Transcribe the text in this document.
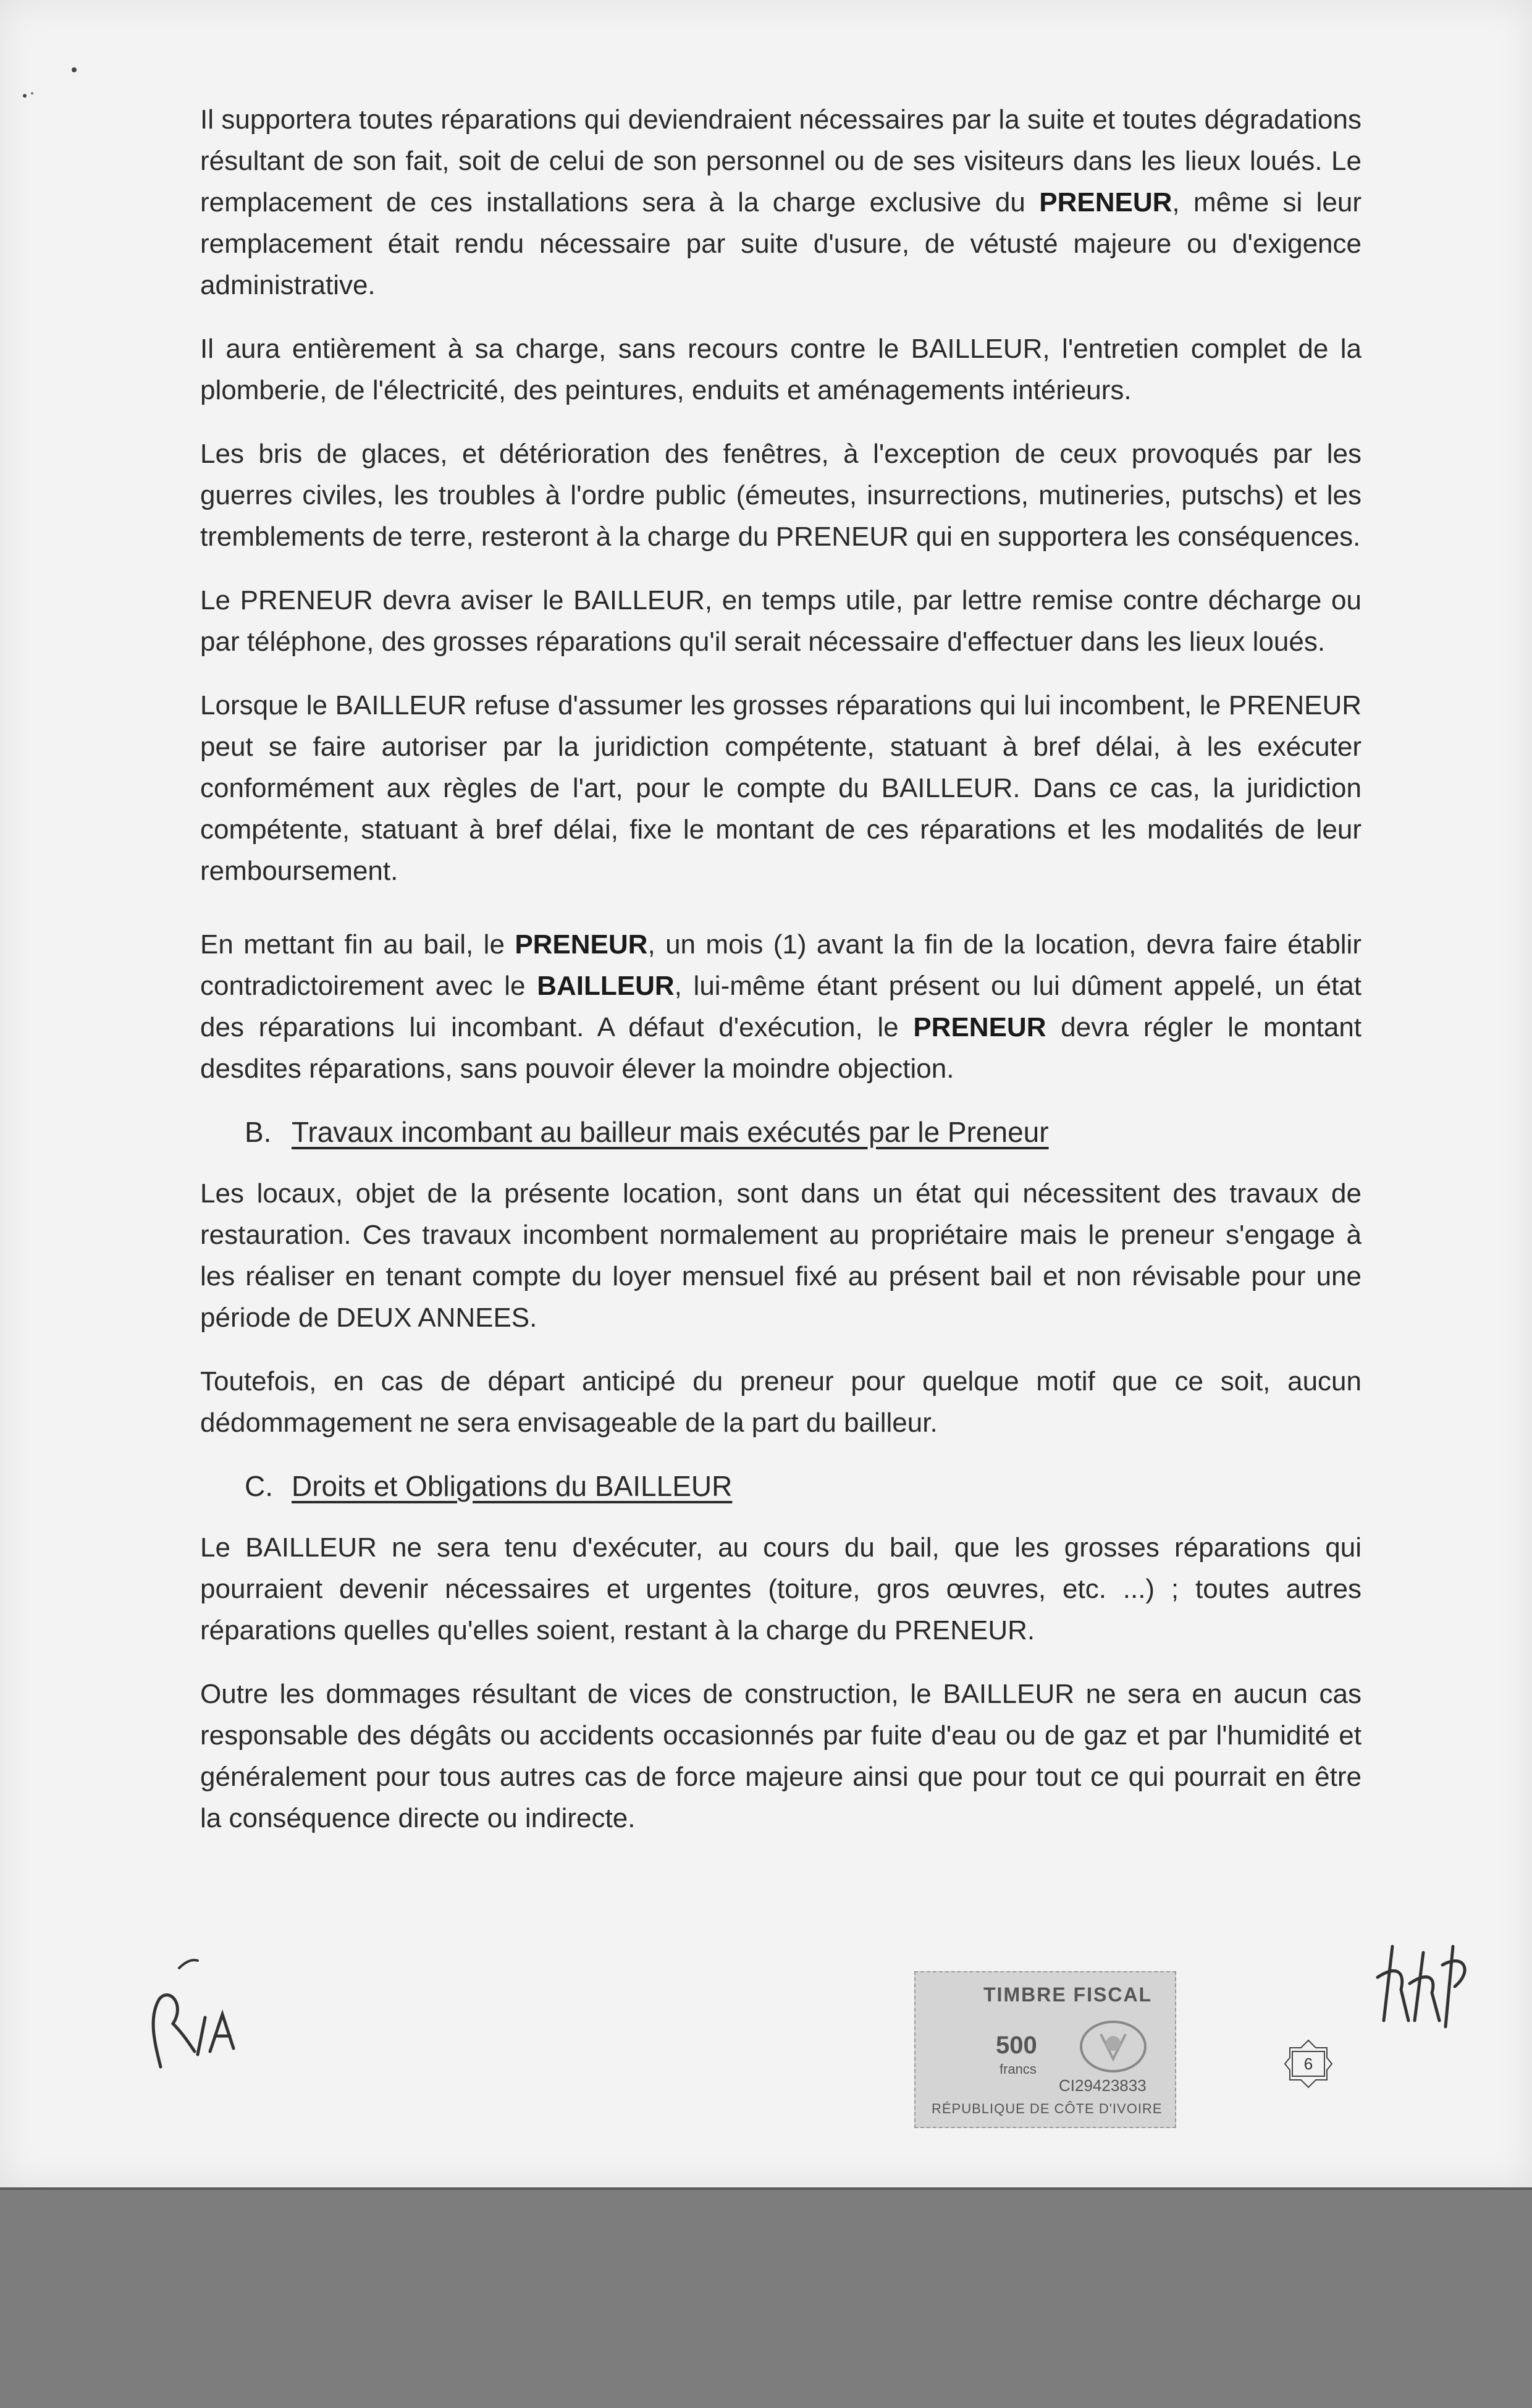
Il supportera toutes réparations qui deviendraient nécessaires par la suite et toutes dégradations résultant de son fait, soit de celui de son personnel ou de ses visiteurs dans les lieux loués. Le remplacement de ces installations sera à la charge exclusive du PRENEUR, même si leur remplacement était rendu nécessaire par suite d'usure, de vétusté majeure ou d'exigence administrative.

Il aura entièrement à sa charge, sans recours contre le BAILLEUR, l'entretien complet de la plomberie, de l'électricité, des peintures, enduits et aménagements intérieurs.

Les bris de glaces, et détérioration des fenêtres, à l'exception de ceux provoqués par les guerres civiles, les troubles à l'ordre public (émeutes, insurrections, mutineries, putschs) et les tremblements de terre, resteront à la charge du PRENEUR qui en supportera les conséquences.

Le PRENEUR devra aviser le BAILLEUR, en temps utile, par lettre remise contre décharge ou par téléphone, des grosses réparations qu'il serait nécessaire d'effectuer dans les lieux loués.

Lorsque le BAILLEUR refuse d'assumer les grosses réparations qui lui incombent, le PRENEUR peut se faire autoriser par la juridiction compétente, statuant à bref délai, à les exécuter conformément aux règles de l'art, pour le compte du BAILLEUR. Dans ce cas, la juridiction compétente, statuant à bref délai, fixe le montant de ces réparations et les modalités de leur remboursement.

En mettant fin au bail, le PRENEUR, un mois (1) avant la fin de la location, devra faire établir contradictoirement avec le BAILLEUR, lui-même étant présent ou lui dûment appelé, un état des réparations lui incombant. A défaut d'exécution, le PRENEUR devra régler le montant desdites réparations, sans pouvoir élever la moindre objection.

B. Travaux incombant au bailleur mais exécutés par le Preneur

Les locaux, objet de la présente location, sont dans un état qui nécessitent des travaux de restauration. Ces travaux incombent normalement au propriétaire mais le preneur s'engage à les réaliser en tenant compte du loyer mensuel fixé au présent bail et non révisable pour une période de DEUX ANNEES.

Toutefois, en cas de départ anticipé du preneur pour quelque motif que ce soit, aucun dédommagement ne sera envisageable de la part du bailleur.

C. Droits et Obligations du BAILLEUR

Le BAILLEUR ne sera tenu d'exécuter, au cours du bail, que les grosses réparations qui pourraient devenir nécessaires et urgentes (toiture, gros œuvres, etc. ...) ; toutes autres réparations quelles qu'elles soient, restant à la charge du PRENEUR.

Outre les dommages résultant de vices de construction, le BAILLEUR ne sera en aucun cas responsable des dégâts ou accidents occasionnés par fuite d'eau ou de gaz et par l'humidité et généralement pour tous autres cas de force majeure ainsi que pour tout ce qui pourrait en être la conséquence directe ou indirecte.

TIMBRE FISCAL
500
francs
CI29423833
RÉPUBLIQUE DE CÔTE D'IVOIRE
6
